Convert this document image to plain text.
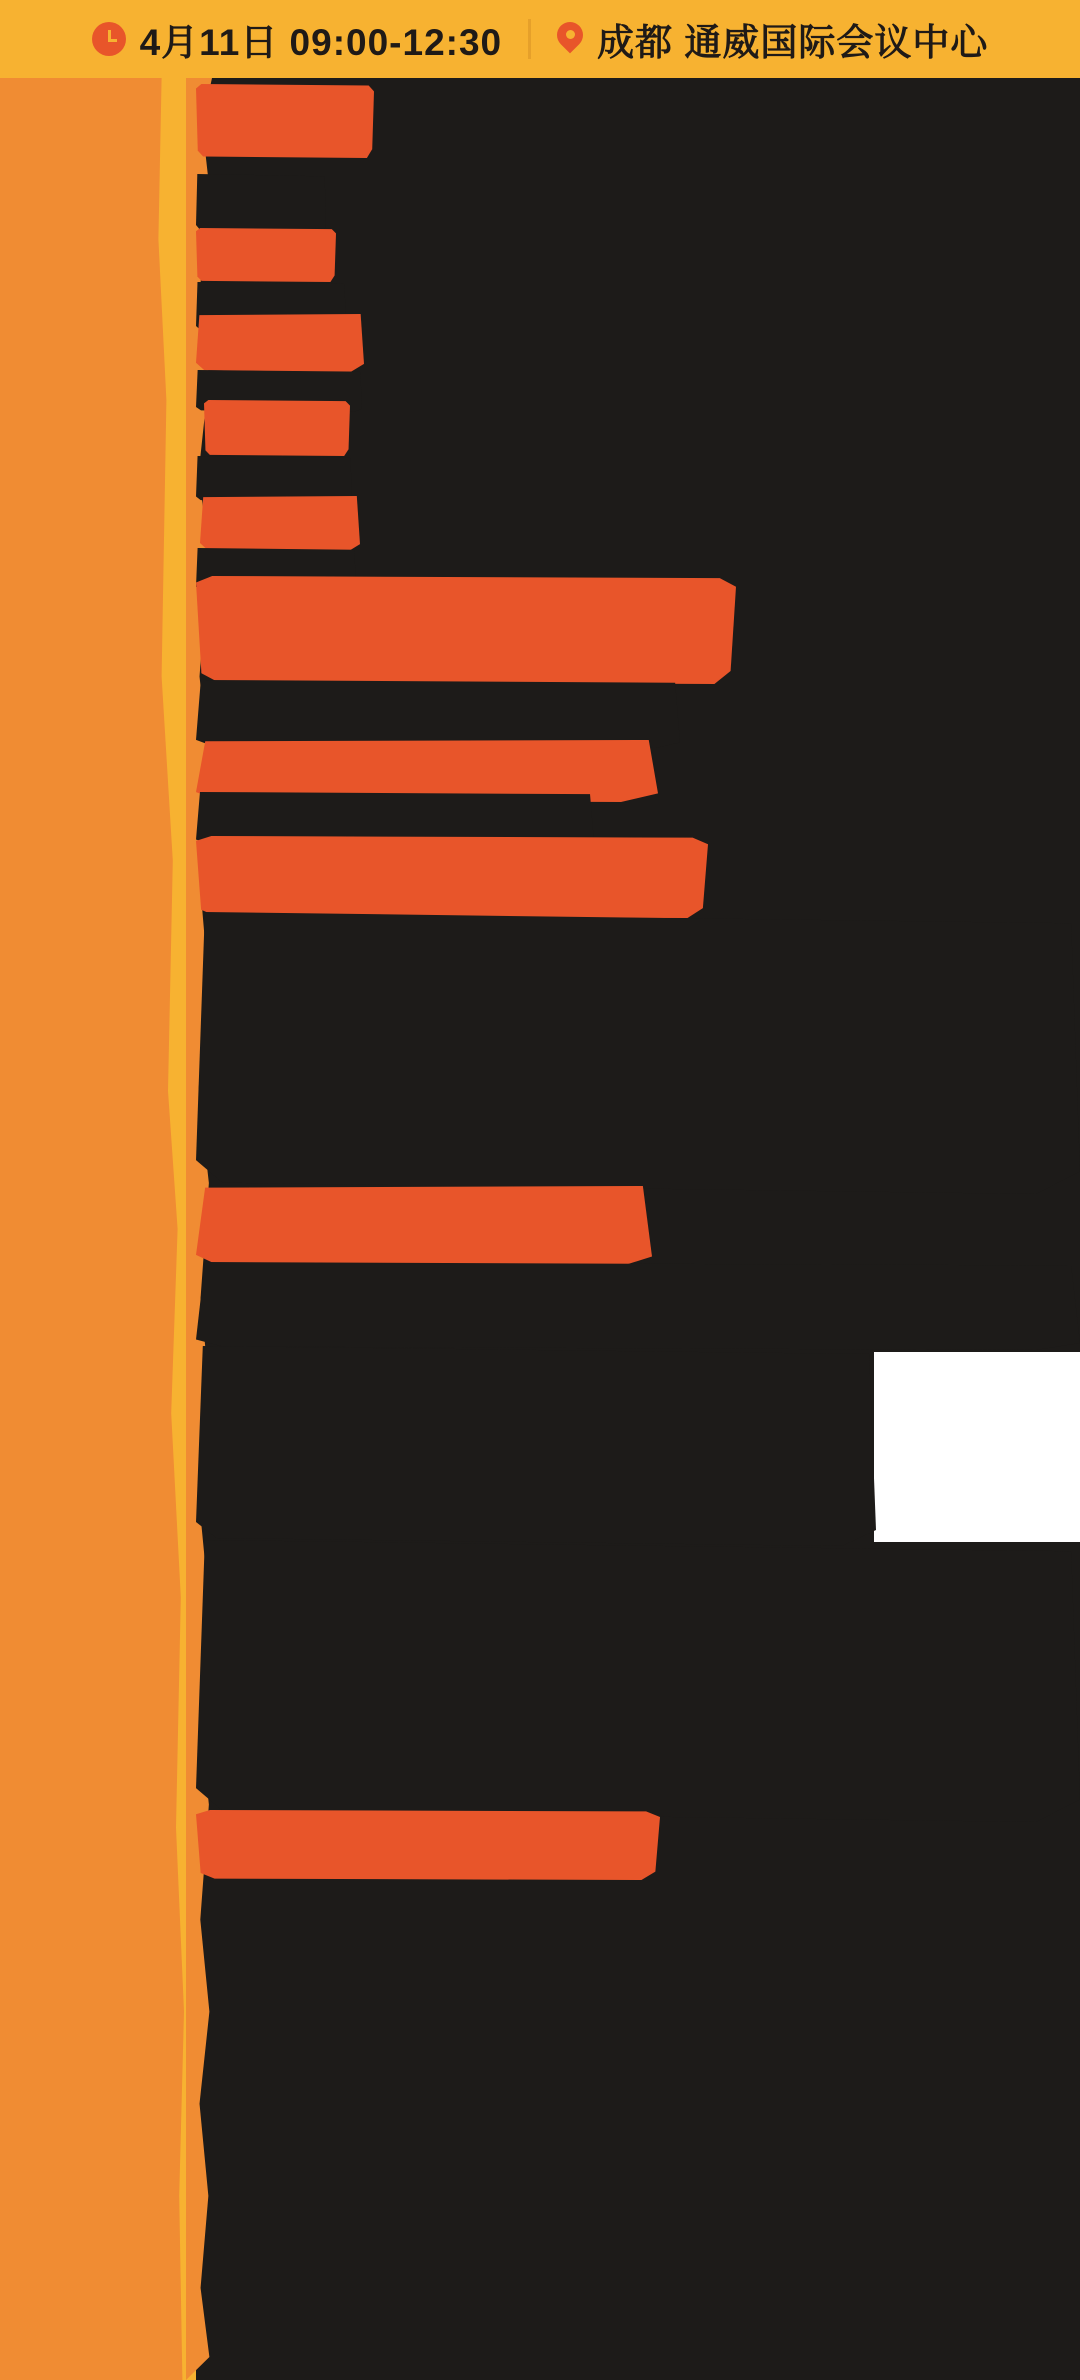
4月11日 09:00-12:30	成都 通威国际会议中心
